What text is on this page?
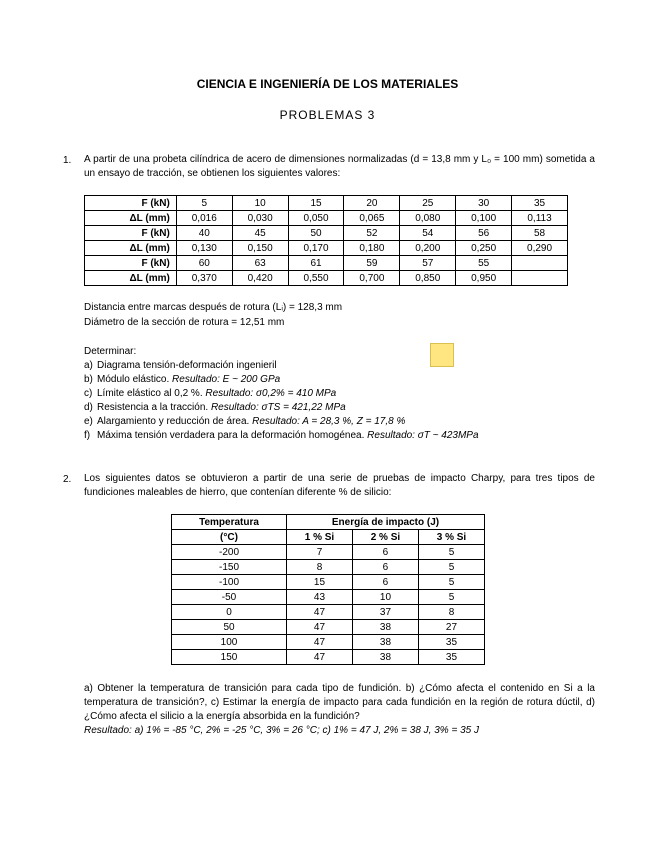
CIENCIA E INGENIERÍA DE LOS MATERIALES
PROBLEMAS 3
1. A partir de una probeta cilíndrica de acero de dimensiones normalizadas (d = 13,8 mm y L₀ = 100 mm) sometida a un ensayo de tracción, se obtienen los siguientes valores:
F (kN)	5	10	15	20	25	30	35
ΔL (mm)	0,016	0,030	0,050	0,065	0,080	0,100	0,113
F (kN)	40	45	50	52	54	56	58
ΔL (mm)	0,130	0,150	0,170	0,180	0,200	0,250	0,290
F (kN)	60	63	61	59	57	55	
ΔL (mm)	0,370	0,420	0,550	0,700	0,850	0,950	
Distancia entre marcas después de rotura (Lᵢ) = 128,3 mm
Diámetro de la sección de rotura = 12,51 mm
Determinar:
a) Diagrama tensión-deformación ingenieril
b) Módulo elástico. Resultado: E ~ 200 GPa
c) Límite elástico al 0,2 %. Resultado: σ0,2% = 410 MPa
d) Resistencia a la tracción. Resultado: σTS = 421,22 MPa
e) Alargamiento y reducción de área. Resultado: A = 28,3 %, Z = 17,8 %
f) Máxima tensión verdadera para la deformación homogénea. Resultado: σT ~ 423MPa
2. Los siguientes datos se obtuvieron a partir de una serie de pruebas de impacto Charpy, para tres tipos de fundiciones maleables de hierro, que contenían diferente % de silicio:
Temperatura	Energía de impacto (J)		
(°C)	1 % Si	2 % Si	3 % Si
-200	7	6	5
-150	8	6	5
-100	15	6	5
-50	43	10	5
0	47	37	8
50	47	38	27
100	47	38	35
150	47	38	35
a) Obtener la temperatura de transición para cada tipo de fundición. b) ¿Cómo afecta el contenido en Si a la temperatura de transición?, c) Estimar la energía de impacto para cada fundición en la región de rotura dúctil, d) ¿Cómo afecta el silicio a la energía absorbida en la fundición?
Resultado: a) 1% = -85 °C, 2% = -25 °C, 3% = 26 °C; c) 1% = 47 J, 2% = 38 J, 3% = 35 J
